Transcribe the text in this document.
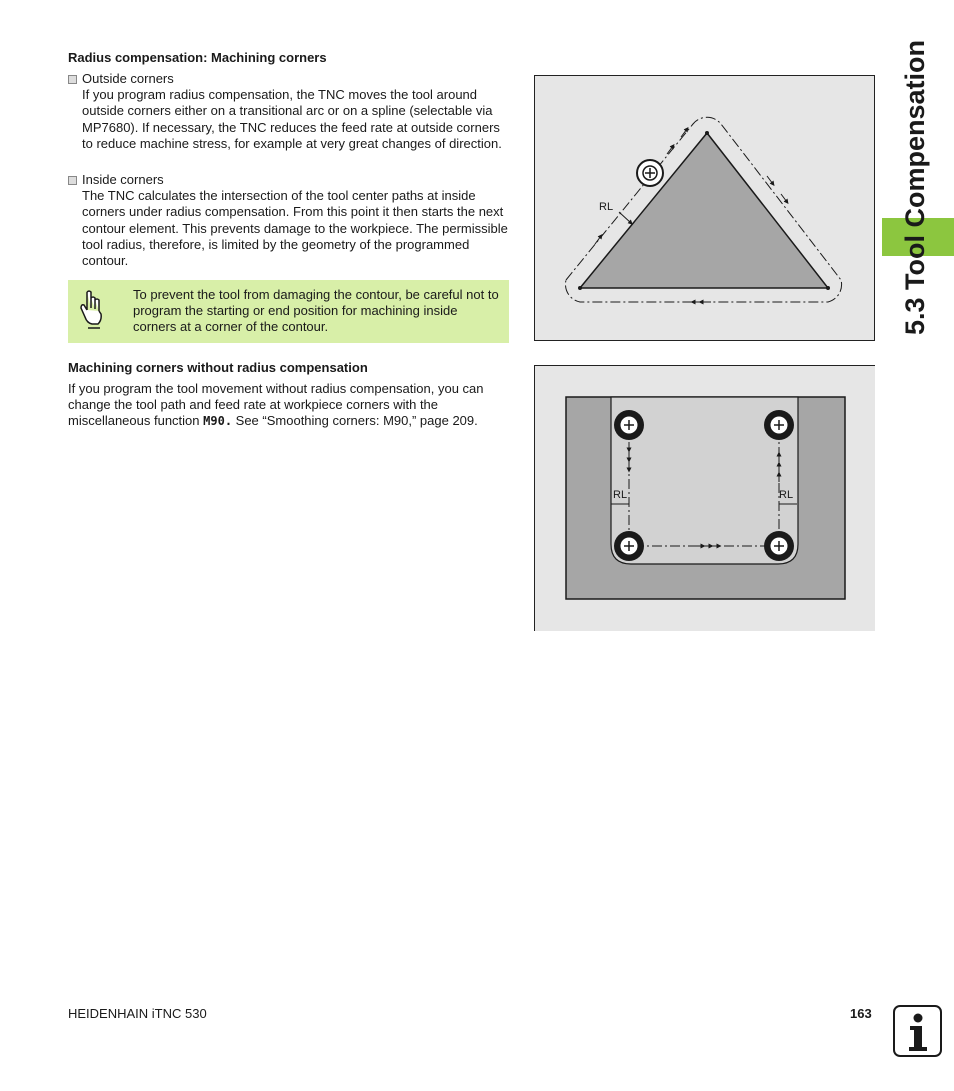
Radius compensation: Machining corners
Outside corners
If you program radius compensation, the TNC moves the tool around outside corners either on a transitional arc or on a spline (selectable via MP7680). If necessary, the TNC reduces the feed rate at outside corners to reduce machine stress, for example at very great changes of direction.
Inside corners
The TNC calculates the intersection of the tool center paths at inside corners under radius compensation. From this point it then starts the next contour element. This prevents damage to the workpiece. The permissible tool radius, therefore, is limited by the geometry of the programmed contour.
To prevent the tool from damaging the contour, be careful not to program the starting or end position for machining inside corners at a corner of the contour.
Machining corners without radius compensation

If you program the tool movement without radius compensation, you can change the tool path and feed rate at workpiece corners with the miscellaneous function M90. See “Smoothing corners: M90,” page 209.

RL
RL	RL
5.3 Tool Compensation
HEIDENHAIN iTNC 530	163
